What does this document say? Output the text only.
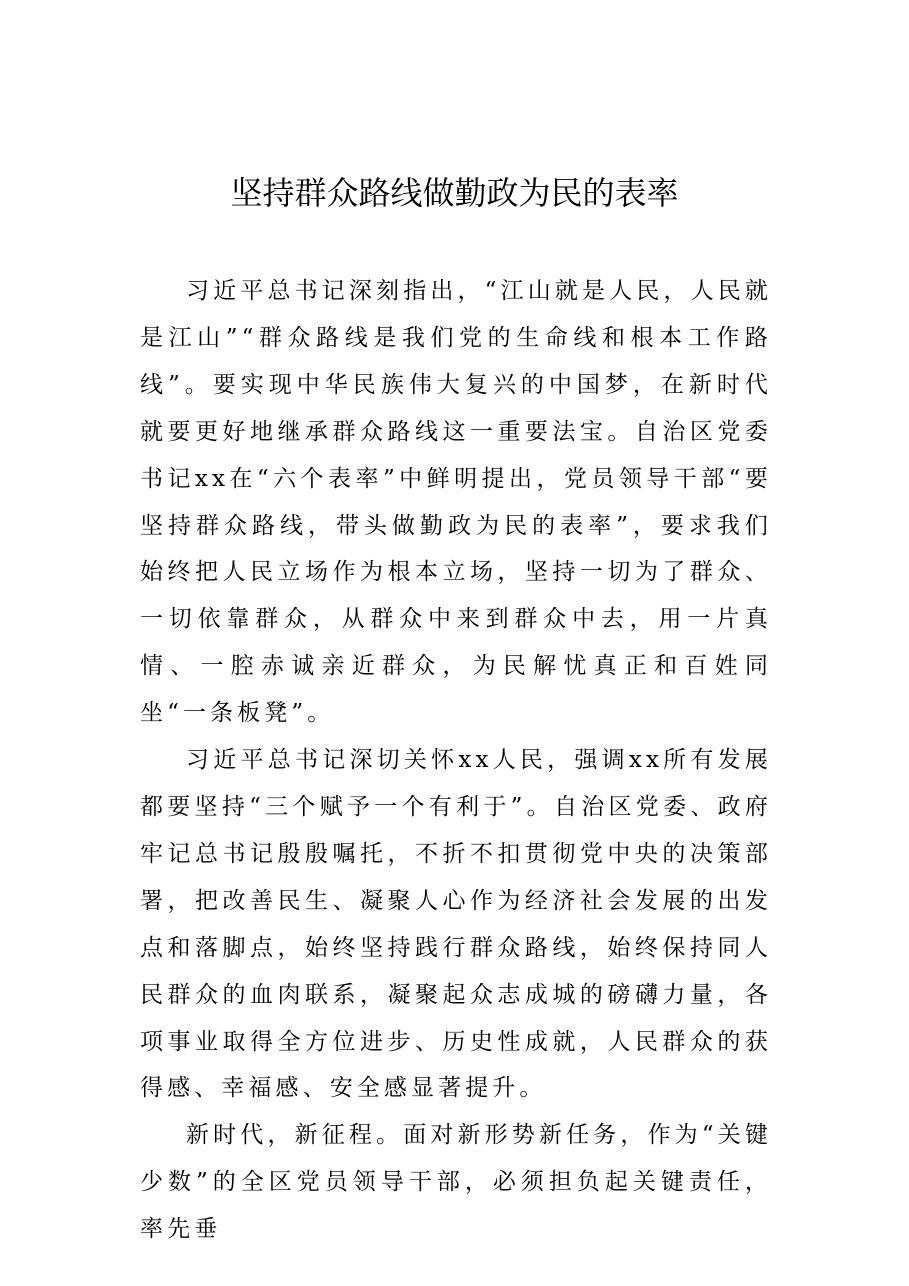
坚持群众路线做勤政为民的表率

习近平总书记深刻指出，“江山就是人民，人民就是江山”“群众路线是我们党的生命线和根本工作路线”。要实现中华民族伟大复兴的中国梦，在新时代就要更好地继承群众路线这一重要法宝。自治区党委书记xx在“六个表率”中鲜明提出，党员领导干部“要坚持群众路线，带头做勤政为民的表率”，要求我们始终把人民立场作为根本立场，坚持一切为了群众、一切依靠群众，从群众中来到群众中去，用一片真情、一腔赤诚亲近群众，为民解忧真正和百姓同坐“一条板凳”。

习近平总书记深切关怀xx人民，强调xx所有发展都要坚持“三个赋予一个有利于”。自治区党委、政府牢记总书记殷殷嘱托，不折不扣贯彻党中央的决策部署，把改善民生、凝聚人心作为经济社会发展的出发点和落脚点，始终坚持践行群众路线，始终保持同人民群众的血肉联系，凝聚起众志成城的磅礴力量，各项事业取得全方位进步、历史性成就，人民群众的获得感、幸福感、安全感显著提升。

新时代，新征程。面对新形势新任务，作为“关键少数”的全区党员领导干部，必须担负起关键责任，率先垂
